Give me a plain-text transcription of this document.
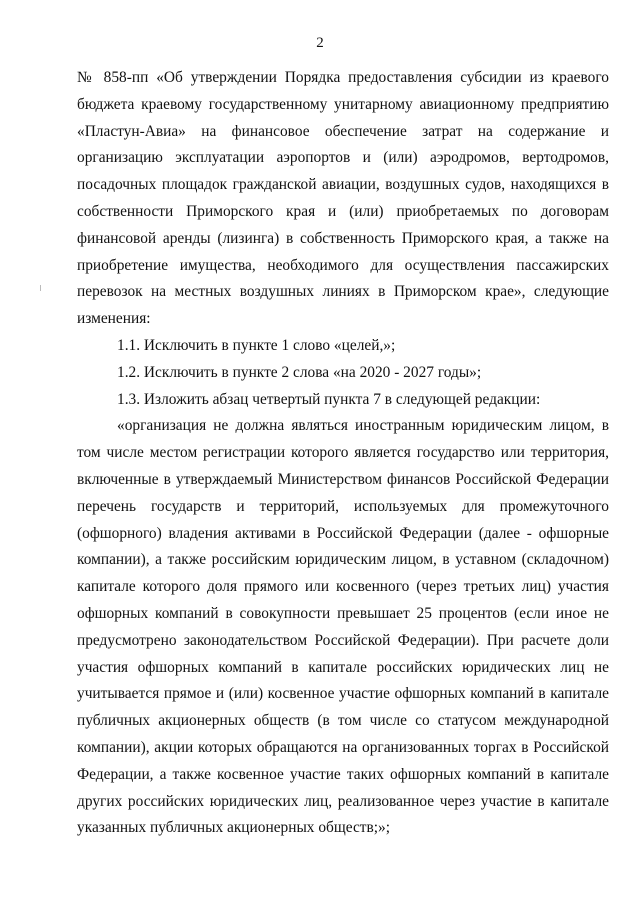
2

№ 858-пп «Об утверждении Порядка предоставления субсидии из краевого бюджета краевому государственному унитарному авиационному предприятию «Пластун-Авиа» на финансовое обеспечение затрат на содержание и организацию эксплуатации аэропортов и (или) аэродромов, вертодромов, посадочных площадок гражданской авиации, воздушных судов, находящихся в собственности Приморского края и (или) приобретаемых по договорам финансовой аренды (лизинга) в собственность Приморского края, а также на приобретение имущества, необходимого для осуществления пассажирских перевозок на местных воздушных линиях в Приморском крае», следующие изменения:

1.1. Исключить в пункте 1 слово «целей,»;

1.2. Исключить в пункте 2 слова «на 2020 - 2027 годы»;

1.3. Изложить абзац четвертый пункта 7 в следующей редакции:

«организация не должна являться иностранным юридическим лицом, в том числе местом регистрации которого является государство или территория, включенные в утверждаемый Министерством финансов Российской Федерации перечень государств и территорий, используемых для промежуточного (офшорного) владения активами в Российской Федерации (далее - офшорные компании), а также российским юридическим лицом, в уставном (складочном) капитале которого доля прямого или косвенного (через третьих лиц) участия офшорных компаний в совокупности превышает 25 процентов (если иное не предусмотрено законодательством Российской Федерации). При расчете доли участия офшорных компаний в капитале российских юридических лиц не учитывается прямое и (или) косвенное участие офшорных компаний в капитале публичных акционерных обществ (в том числе со статусом международной компании), акции которых обращаются на организованных торгах в Российской Федерации, а также косвенное участие таких офшорных компаний в капитале других российских юридических лиц, реализованное через участие в капитале указанных публичных акционерных обществ;»;
